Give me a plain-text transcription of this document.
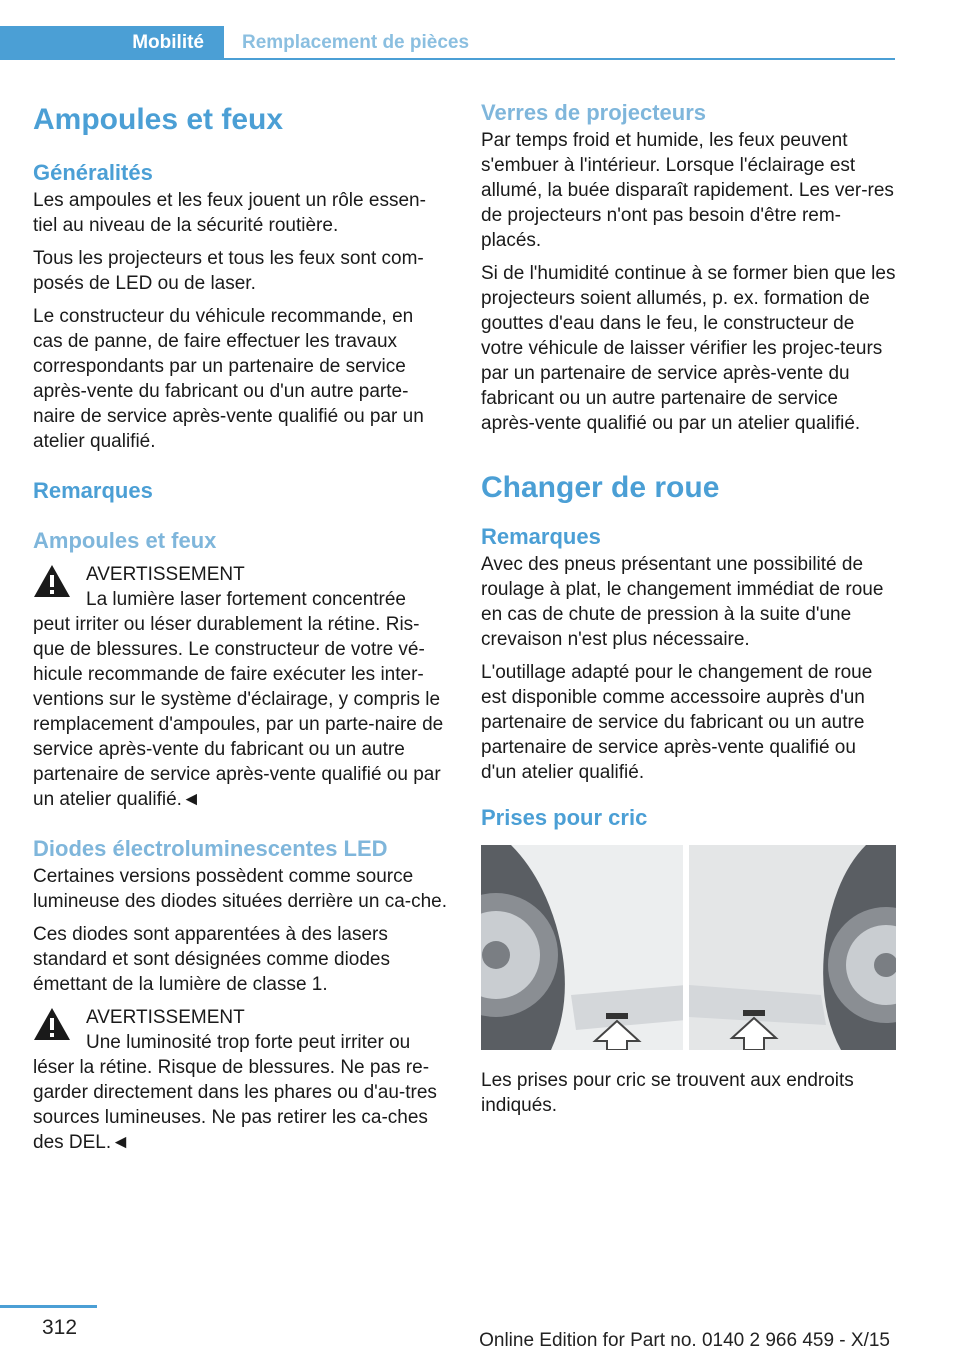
Mobilité Remplacement de pièces
Ampoules et feux
Généralités

Les ampoules et les feux jouent un rôle essen-tiel au niveau de la sécurité routière.

Tous les projecteurs et tous les feux sont com-posés de LED ou de laser.

Le constructeur du véhicule recommande, en cas de panne, de faire effectuer les travaux correspondants par un partenaire de service après-vente du fabricant ou d'un autre parte-naire de service après-vente qualifié ou par un atelier qualifié.

Remarques
Ampoules et feux

AVERTISSEMENT

La lumière laser fortement concentrée

peut irriter ou léser durablement la rétine. Ris-que de blessures. Le constructeur de votre vé-hicule recommande de faire exécuter les inter-ventions sur le système d'éclairage, y compris le remplacement d'ampoules, par un parte-naire de service après-vente du fabricant ou un autre partenaire de service après-vente qualifié ou par un atelier qualifié.◄

Diodes électroluminescentes LED

Certaines versions possèdent comme source lumineuse des diodes situées derrière un ca-che.

Ces diodes sont apparentées à des lasers standard et sont désignées comme diodes émettant de la lumière de classe 1.

AVERTISSEMENT

Une luminosité trop forte peut irriter ou

léser la rétine. Risque de blessures. Ne pas re-garder directement dans les phares ou d'au-tres sources lumineuses. Ne pas retirer les ca-ches des DEL.◄

Verres de projecteurs

Par temps froid et humide, les feux peuvent s'embuer à l'intérieur. Lorsque l'éclairage est allumé, la buée disparaît rapidement. Les ver-res de projecteurs n'ont pas besoin d'être rem-placés.

Si de l'humidité continue à se former bien que les projecteurs soient allumés, p. ex. formation de gouttes d'eau dans le feu, le constructeur de votre véhicule de laisser vérifier les projec-teurs par un partenaire de service après-vente du fabricant ou un autre partenaire de service après-vente qualifié ou par un atelier qualifié.

Changer de roue
Remarques

Avec des pneus présentant une possibilité de roulage à plat, le changement immédiat de roue en cas de chute de pression à la suite d'une crevaison n'est plus nécessaire.

L'outillage adapté pour le changement de roue est disponible comme accessoire auprès d'un partenaire de service du fabricant ou un autre partenaire de service après-vente qualifié ou d'un atelier qualifié.

Prises pour cric

Les prises pour cric se trouvent aux endroits indiqués.

312
Online Edition for Part no. 0140 2 966 459 - X/15
